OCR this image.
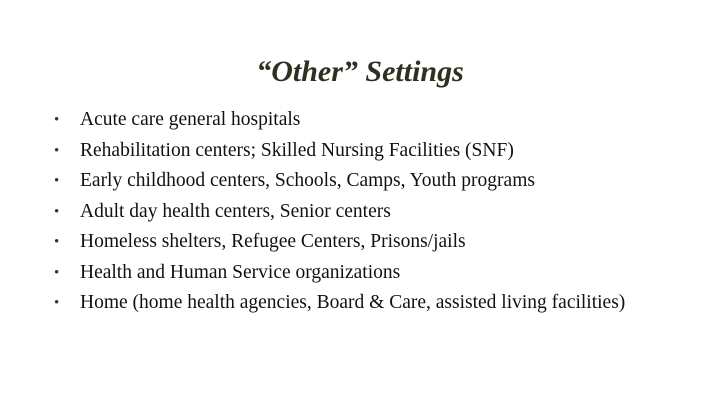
“Other” Settings
•	Acute care general hospitals
•	Rehabilitation centers; Skilled Nursing Facilities (SNF)
•	Early childhood centers, Schools, Camps, Youth programs
•	Adult day health centers, Senior centers
•	Homeless shelters, Refugee Centers, Prisons/jails
•	Health and Human Service organizations
•	Home (home health agencies, Board & Care, assisted living facilities)
